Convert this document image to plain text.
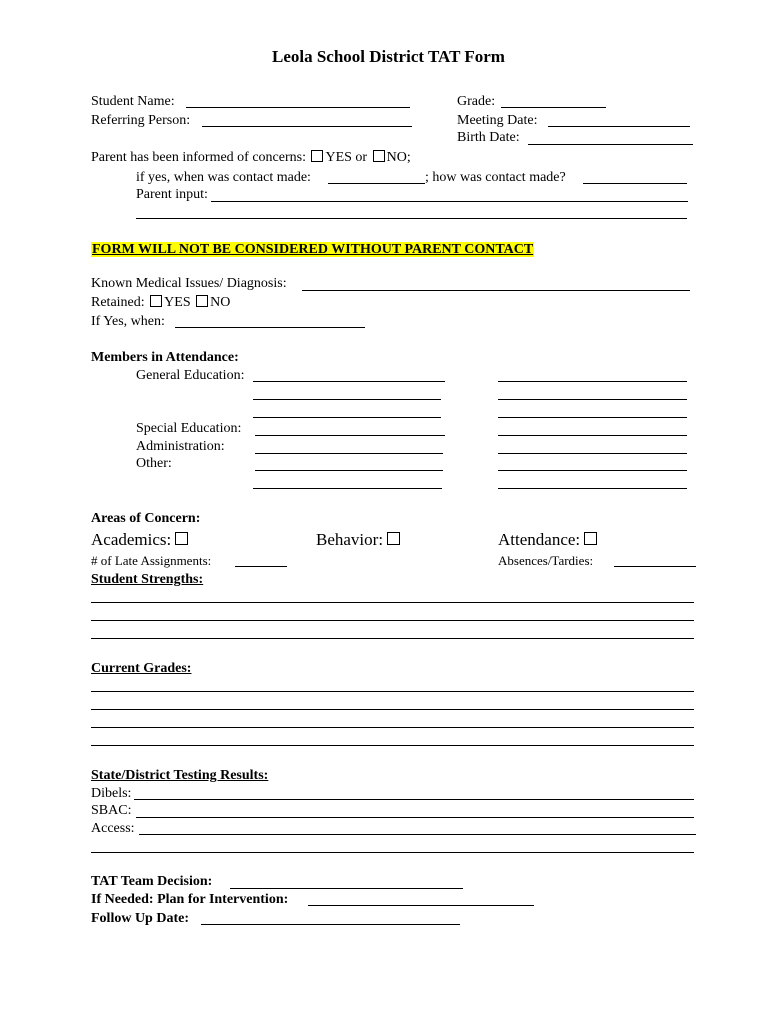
Leola School District TAT Form
Student Name:
Referring Person:
Grade:
Meeting Date:
Birth Date:
Parent has been informed of concerns: YES or NO;
if yes, when was contact made:	; how was contact made?
Parent input:
FORM WILL NOT BE CONSIDERED WITHOUT PARENT CONTACT
Known Medical Issues/ Diagnosis:
Retained: YES NO
If Yes, when:
Members in Attendance:
General Education:
Special Education:
Administration:
Other:
Areas of Concern:
Academics:	Behavior:	Attendance:
# of Late Assignments:	Absences/Tardies:
Student Strengths:
Current Grades:
State/District Testing Results:
Dibels:
SBAC:
Access:
TAT Team Decision:
If Needed: Plan for Intervention:
Follow Up Date:
